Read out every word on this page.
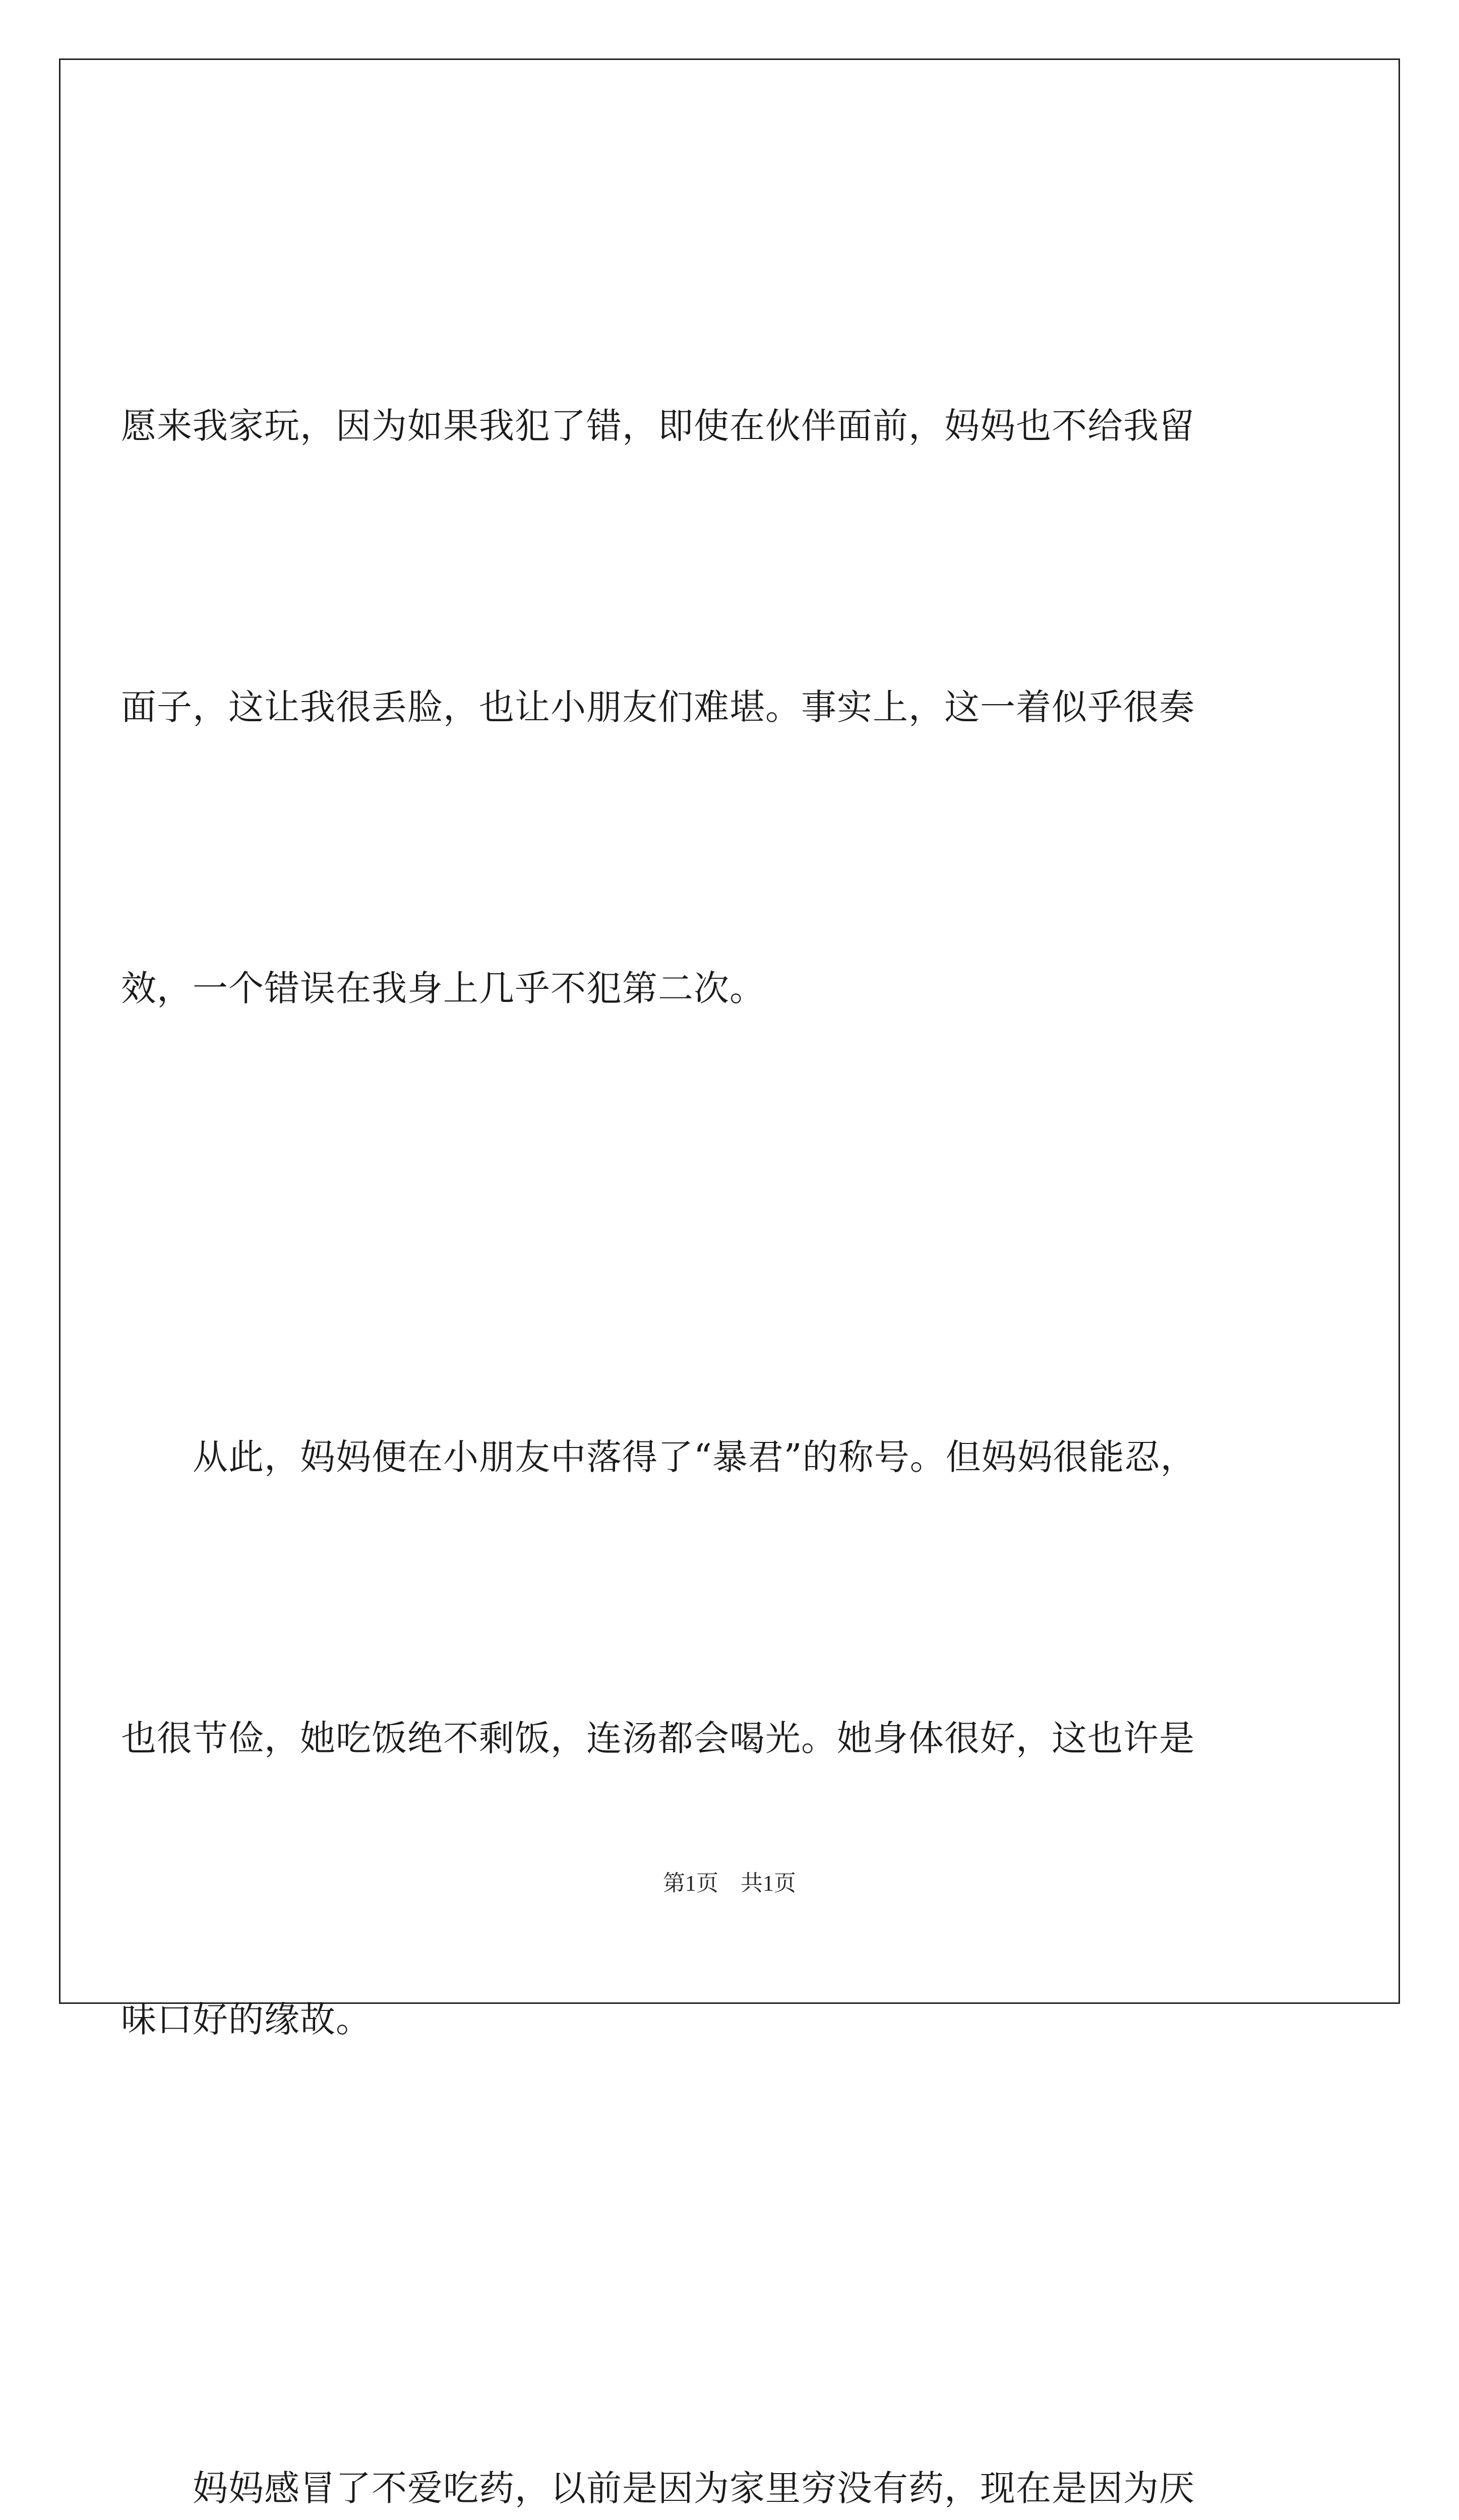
愿来我家玩，因为如果我犯了错，即使在伙伴面前，妈妈也不给我留

面子，这让我很丢脸，也让小朋友们难堪。事实上，这一着似乎很奏

效，一个错误在我身上几乎不犯第二次。

　　从此，妈妈便在小朋友中落得了“暴君”的称号。但妈妈很能忍，

也很节俭，她吃饭绝不剩饭，连汤都会喝光。她身体很好，这也许是

味口好的缘故。

　　妈妈感冒了不爱吃药，以前是因为家里穷没有药，现在是因为厌

第1页　共1页
